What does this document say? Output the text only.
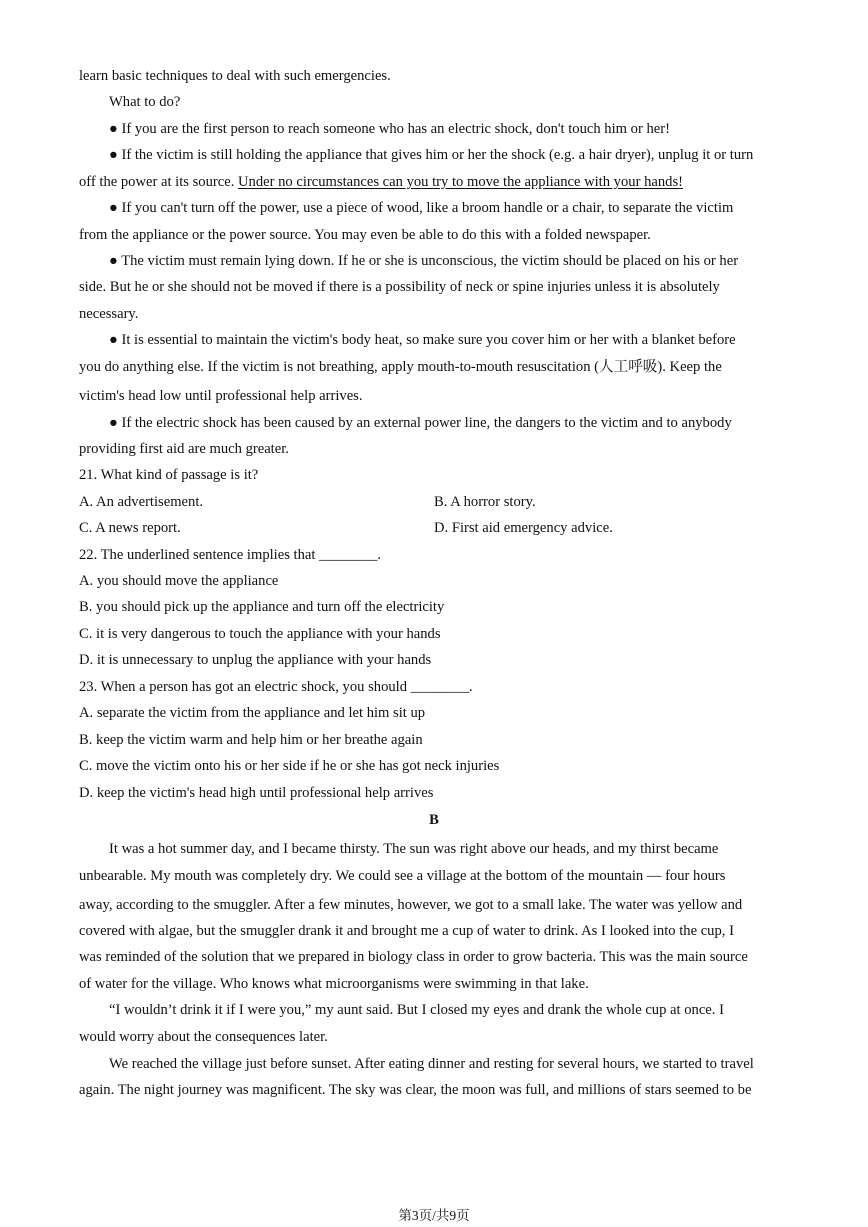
learn basic techniques to deal with such emergencies.
What to do?
● If you are the first person to reach someone who has an electric shock, don't touch him or her!
● If the victim is still holding the appliance that gives him or her the shock (e.g. a hair dryer), unplug it or turn
off the power at its source. Under no circumstances can you try to move the appliance with your hands!
● If you can't turn off the power, use a piece of wood, like a broom handle or a chair, to separate the victim
from the appliance or the power source. You may even be able to do this with a folded newspaper.
● The victim must remain lying down. If he or she is unconscious, the victim should be placed on his or her
side. But he or she should not be moved if there is a possibility of neck or spine injuries unless it is absolutely
necessary.
● It is essential to maintain the victim's body heat, so make sure you cover him or her with a blanket before
you do anything else. If the victim is not breathing, apply mouth-to-mouth resuscitation (人工呼吸). Keep the
victim's head low until professional help arrives.
● If the electric shock has been caused by an external power line, the dangers to the victim and to anybody
providing first aid are much greater.
21. What kind of passage is it?
A. An advertisement.	B. A horror story.
C. A news report.	D. First aid emergency advice.
22. The underlined sentence implies that ________.
A. you should move the appliance
B. you should pick up the appliance and turn off the electricity
C. it is very dangerous to touch the appliance with your hands
D. it is unnecessary to unplug the appliance with your hands
23. When a person has got an electric shock, you should ________.
A. separate the victim from the appliance and let him sit up
B. keep the victim warm and help him or her breathe again
C. move the victim onto his or her side if he or she has got neck injuries
D. keep the victim's head high until professional help arrives
B
It was a hot summer day, and I became thirsty. The sun was right above our heads, and my thirst became
unbearable. My mouth was completely dry. We could see a village at the bottom of the mountain — four hours
away, according to the smuggler. After a few minutes, however, we got to a small lake. The water was yellow and
covered with algae, but the smuggler drank it and brought me a cup of water to drink. As I looked into the cup, I
was reminded of the solution that we prepared in biology class in order to grow bacteria. This was the main source
of water for the village. Who knows what microorganisms were swimming in that lake.
“I wouldn’t drink it if I were you,” my aunt said. But I closed my eyes and drank the whole cup at once. I
would worry about the consequences later.
We reached the village just before sunset. After eating dinner and resting for several hours, we started to travel
again. The night journey was magnificent. The sky was clear, the moon was full, and millions of stars seemed to be
第3页/共9页
